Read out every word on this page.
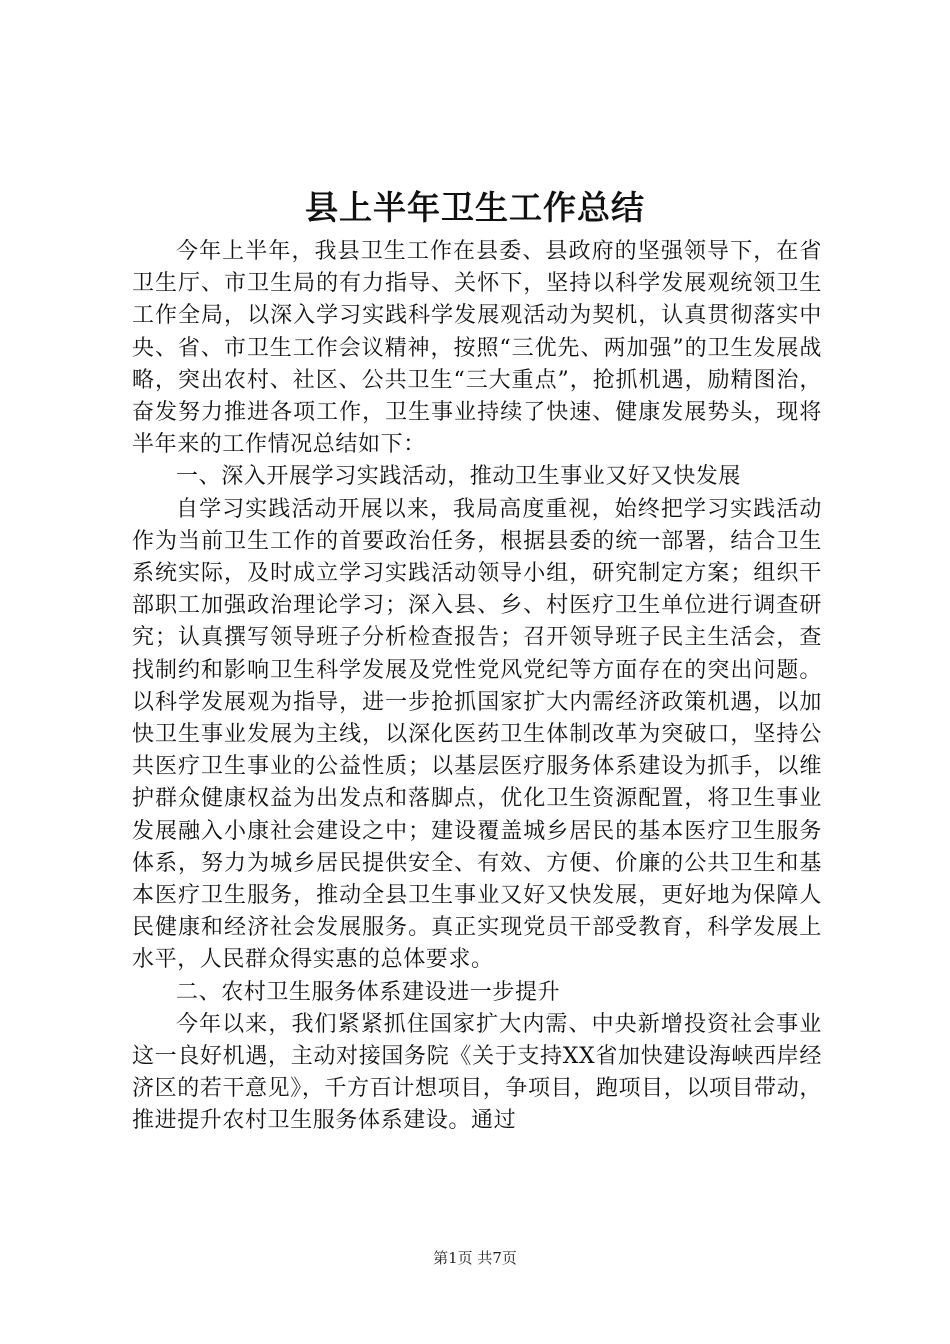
县上半年卫生工作总结

今年上半年，我县卫生工作在县委、县政府的坚强领导下，在省卫生厅、市卫生局的有力指导、关怀下，坚持以科学发展观统领卫生工作全局，以深入学习实践科学发展观活动为契机，认真贯彻落实中央、省、市卫生工作会议精神，按照“三优先、两加强”的卫生发展战略，突出农村、社区、公共卫生“三大重点”，抢抓机遇，励精图治，奋发努力推进各项工作，卫生事业持续了快速、健康发展势头，现将半年来的工作情况总结如下：

一、深入开展学习实践活动，推动卫生事业又好又快发展

自学习实践活动开展以来，我局高度重视，始终把学习实践活动作为当前卫生工作的首要政治任务，根据县委的统一部署，结合卫生系统实际，及时成立学习实践活动领导小组，研究制定方案；组织干部职工加强政治理论学习；深入县、乡、村医疗卫生单位进行调查研究；认真撰写领导班子分析检查报告；召开领导班子民主生活会，查找制约和影响卫生科学发展及党性党风党纪等方面存在的突出问题。以科学发展观为指导，进一步抢抓国家扩大内需经济政策机遇，以加快卫生事业发展为主线，以深化医药卫生体制改革为突破口，坚持公共医疗卫生事业的公益性质；以基层医疗服务体系建设为抓手，以维护群众健康权益为出发点和落脚点，优化卫生资源配置，将卫生事业发展融入小康社会建设之中；建设覆盖城乡居民的基本医疗卫生服务体系，努力为城乡居民提供安全、有效、方便、价廉的公共卫生和基本医疗卫生服务，推动全县卫生事业又好又快发展，更好地为保障人民健康和经济社会发展服务。真正实现党员干部受教育，科学发展上水平，人民群众得实惠的总体要求。

二、农村卫生服务体系建设进一步提升

今年以来，我们紧紧抓住国家扩大内需、中央新增投资社会事业这一良好机遇，主动对接国务院《关于支持XX省加快建设海峡西岸经济区的若干意见》，千方百计想项目，争项目，跑项目，以项目带动，推进提升农村卫生服务体系建设。通过

第1页 共7页
